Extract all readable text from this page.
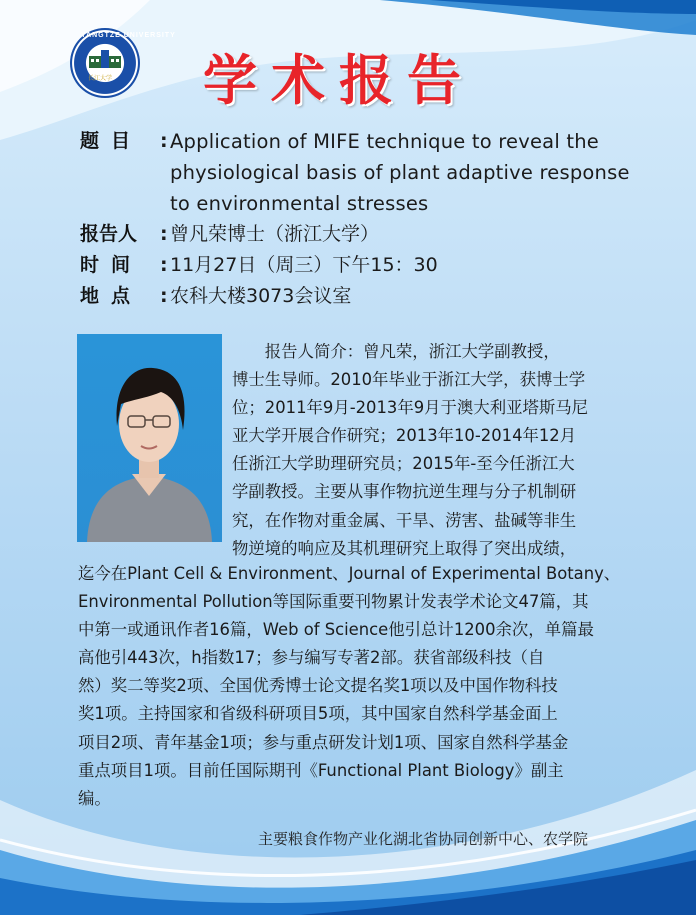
YANGTZE UNIVERSITY
长江大学 学术报告
题目 : Application of MIFE technique to reveal the
physiological basis of plant adaptive response
to environmental stresses
报告人	: 曾凡荣博士（浙江大学）
时间 : 11月27日（周三）下午15：30
地点 : 农科大楼3073会议室
　　报告人简介：曾凡荣，浙江大学副教授，
博士生导师。2010年毕业于浙江大学，获博士学
位；2011年9月-2013年9月于澳大利亚塔斯马尼
亚大学开展合作研究；2013年10-2014年12月
任浙江大学助理研究员；2015年-至今任浙江大
学副教授。主要从事作物抗逆生理与分子机制研
究，在作物对重金属、干旱、涝害、盐碱等非生
物逆境的响应及其机理研究上取得了突出成绩，
迄今在Plant Cell & Environment、Journal of Experimental Botany、
Environmental Pollution等国际重要刊物累计发表学术论文47篇，其
中第一或通讯作者16篇，Web of Science他引总计1200余次，单篇最
高他引443次，h指数17；参与编写专著2部。获省部级科技（自
然）奖二等奖2项、全国优秀博士论文提名奖1项以及中国作物科技
奖1项。主持国家和省级科研项目5项，其中国家自然科学基金面上
项目2项、青年基金1项；参与重点研发计划1项、国家自然科学基金
重点项目1项。目前任国际期刊《Functional Plant Biology》副主
编。
主要粮食作物产业化湖北省协同创新中心、农学院
